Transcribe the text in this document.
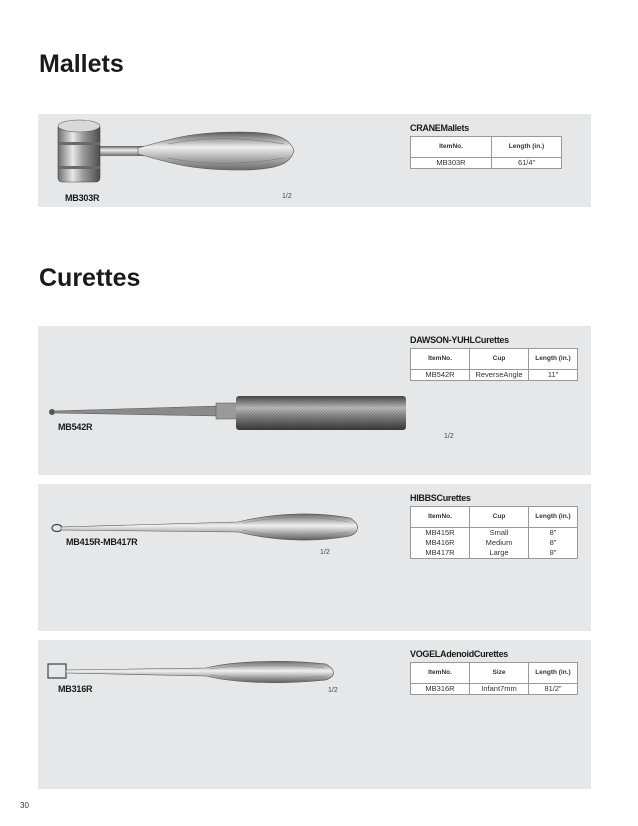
Mallets
MB303R	1/2
CRANEMallets
ItemNo.	Length (in.)
MB303R	61/4”
Curettes
MB542R
1/2
DAWSON-YUHLCurettes
ItemNo.	Cup	Length (in.)
MB542R	ReverseAngle	11”
MB415R-MB417R
1/2
HIBBSCurettes
ItemNo.	Cup	Length (in.)
MB415R	Small	8”
MB416R	Medium	8”
MB417R	Large	8”
MB316R	1/2
VOGELAdenoidCurettes
ItemNo.	Size	Length (in.)
MB316R	Infant7mm	81/2”
30
